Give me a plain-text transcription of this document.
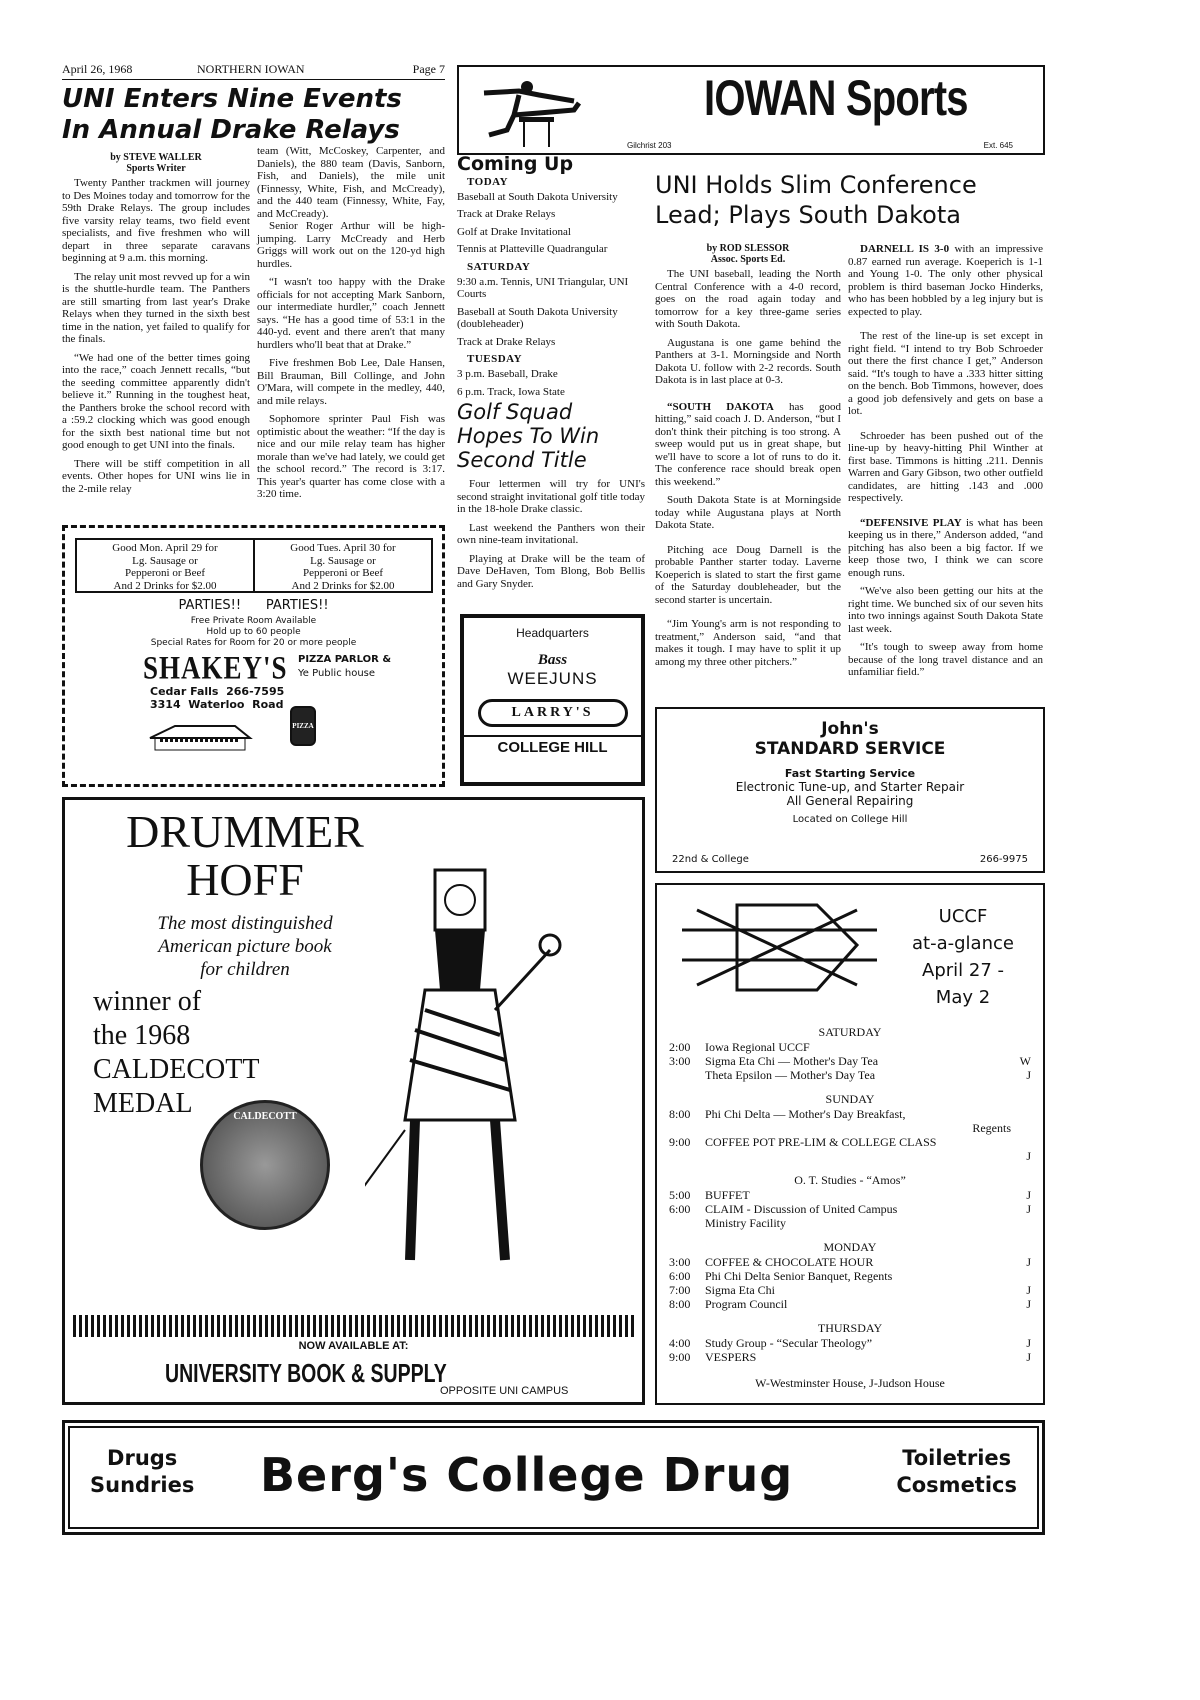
April 26, 1968	NORTHERN IOWAN	Page 7
UNI Enters Nine Events
In Annual Drake Relays
by STEVE WALLER
Sports Writer

Twenty Panther trackmen will journey to Des Moines today and tomorrow for the 59th Drake Relays. The group includes five varsity relay teams, two field event specialists, and five freshmen who will depart in three separate caravans beginning at 9 a.m. this morning.

The relay unit most revved up for a win is the shuttle-hurdle team. The Panthers are still smarting from last year's Drake Relays when they turned in the sixth best time in the nation, yet failed to qualify for the finals.

“We had one of the better times going into the race,” coach Jennett recalls, “but the seeding committee apparently didn't believe it.” Running in the toughest heat, the Panthers broke the school record with a :59.2 clocking which was good enough for the sixth best national time but not good enough to get UNI into the finals.

There will be stiff competition in all events. Other hopes for UNI wins lie in the 2-mile relay

team (Witt, McCoskey, Carpenter, and Daniels), the 880 team (Davis, Sanborn, Fish, and Daniels), the mile unit (Finnessy, White, Fish, and McCready), and the 440 team (Finnessy, White, Fay, and McCready).

Senior Roger Arthur will be high-jumping. Larry McCready and Herb Griggs will work out on the 120-yd high hurdles.

“I wasn't too happy with the Drake officials for not accepting Mark Sanborn, our intermediate hurdler,” coach Jennett says. “He has a good time of 53:1 in the 440-yd. event and there aren't that many hurdlers who'll beat that at Drake.”

Five freshmen Bob Lee, Dale Hansen, Bill Brauman, Bill Collinge, and John O'Mara, will compete in the medley, 440, and mile relays.

Sophomore sprinter Paul Fish was optimistic about the weather: “If the day is nice and our mile relay team has higher morale than we've had lately, we could get the school record.” The record is 3:17. This year's quarter has come close with a 3:20 time.

Good Mon. April 29 for
Lg. Sausage or
Pepperoni or Beef
And 2 Drinks for $2.00
Good Tues. April 30 for
Lg. Sausage or
Pepperoni or Beef
And 2 Drinks for $2.00
PARTIES!! PARTIES!!
Free Private Room Available
Hold up to 60 people
Special Rates for Room for 20 or more people
SHAKEY'S PIZZA PARLOR &
Ye Public house
Cedar Falls  266-7595
3314  Waterloo  Road
PIZZA
IOWAN Sports
Gilchrist 203	Ext. 645
Coming Up
TODAY
Baseball at South Dakota University
Track at Drake Relays
Golf at Drake Invitational
Tennis at Platteville Quadrangular
SATURDAY
9:30 a.m. Tennis, UNI Triangular, UNI Courts
Baseball at South Dakota University (doubleheader)
Track at Drake Relays
TUESDAY
3 p.m. Baseball, Drake
6 p.m. Track, Iowa State
Golf Squad
Hopes To Win
Second Title

Four lettermen will try for UNI's second straight invitational golf title today in the 18-hole Drake classic.

Last weekend the Panthers won their own nine-team invitational.

Playing at Drake will be the team of Dave DeHaven, Tom Blong, Bob Bellis and Gary Snyder.

Headquarters
Bass
WEEJUNS
LARRY'S
COLLEGE HILL
UNI Holds Slim Conference
Lead; Plays South Dakota
by ROD SLESSOR
Assoc. Sports Ed.

The UNI baseball, leading the North Central Conference with a 4-0 record, goes on the road again today and tomorrow for a key three-game series with South Dakota.

Augustana is one game behind the Panthers at 3-1. Morningside and North Dakota U. follow with 2-2 records. South Dakota is in last place at 0-3.

“SOUTH DAKOTA has good hitting,” said coach J. D. Anderson, “but I don't think their pitching is too strong. A sweep would put us in great shape, but we'll have to score a lot of runs to do it. The conference race should break open this weekend.”

South Dakota State is at Morningside today while Augustana plays at North Dakota State.

Pitching ace Doug Darnell is the probable Panther starter today. Laverne Koeperich is slated to start the first game of the Saturday doubleheader, but the second starter is uncertain.

“Jim Young's arm is not responding to treatment,” Anderson said, “and that makes it tough. I may have to split it up among my three other pitchers.”

DARNELL IS 3-0 with an impressive 0.87 earned run average. Koeperich is 1-1 and Young 1-0. The only other physical problem is third baseman Jocko Hinderks, who has been hobbled by a leg injury but is expected to play.

The rest of the line-up is set except in right field. “I intend to try Bob Schroeder out there the first chance I get,” Anderson said. “It's tough to have a .333 hitter sitting on the bench. Bob Timmons, however, does a good job defensively and gets on base a lot.

Schroeder has been pushed out of the line-up by heavy-hitting Phil Winther at first base. Timmons is hitting .211. Dennis Warren and Gary Gibson, two other outfield candidates, are hitting .143 and .000 respectively.

“DEFENSIVE PLAY is what has been keeping us in there,” Anderson added, “and pitching has also been a big factor. If we keep those two, I think we can score enough runs.

“We've also been getting our hits at the right time. We bunched six of our seven hits into two innings against South Dakota State last week.

“It's tough to sweep away from home because of the long travel distance and an unfamiliar field.”

John's
STANDARD SERVICE
Fast Starting Service
Electronic Tune-up, and Starter Repair
All General Repairing
Located on College Hill
22nd & College	266-9975
UCCF
at-a-glance
April 27 -
May 2
SATURDAY
2:00	Iowa Regional UCCF
3:00	Sigma Eta Chi — Mother's Day Tea	W
Theta Epsilon — Mother's Day Tea	J
SUNDAY
8:00	Phi Chi Delta — Mother's Day Breakfast,
Regents
9:00	COFFEE POT PRE-LIM & COLLEGE CLASS
J
O. T. Studies - “Amos”
5:00	BUFFET	J
6:00	CLAIM - Discussion of United Campus	J
Ministry Facility
MONDAY
3:00	COFFEE & CHOCOLATE HOUR	J
6:00	Phi Chi Delta Senior Banquet, Regents
7:00	Sigma Eta Chi	J
8:00	Program Council	J
THURSDAY
4:00	Study Group - “Secular Theology”	J
9:00	VESPERS	J
W-Westminster House, J-Judson House
DRUMMER
HOFF
The most distinguished
American picture book
for children
winner of
the 1968
CALDECOTT
MEDAL	CALDECOTT
NOW AVAILABLE AT:
UNIVERSITY BOOK & SUPPLY
OPPOSITE UNI CAMPUS
Drugs
Sundries Berg's College Drug	Toiletries
Cosmetics
